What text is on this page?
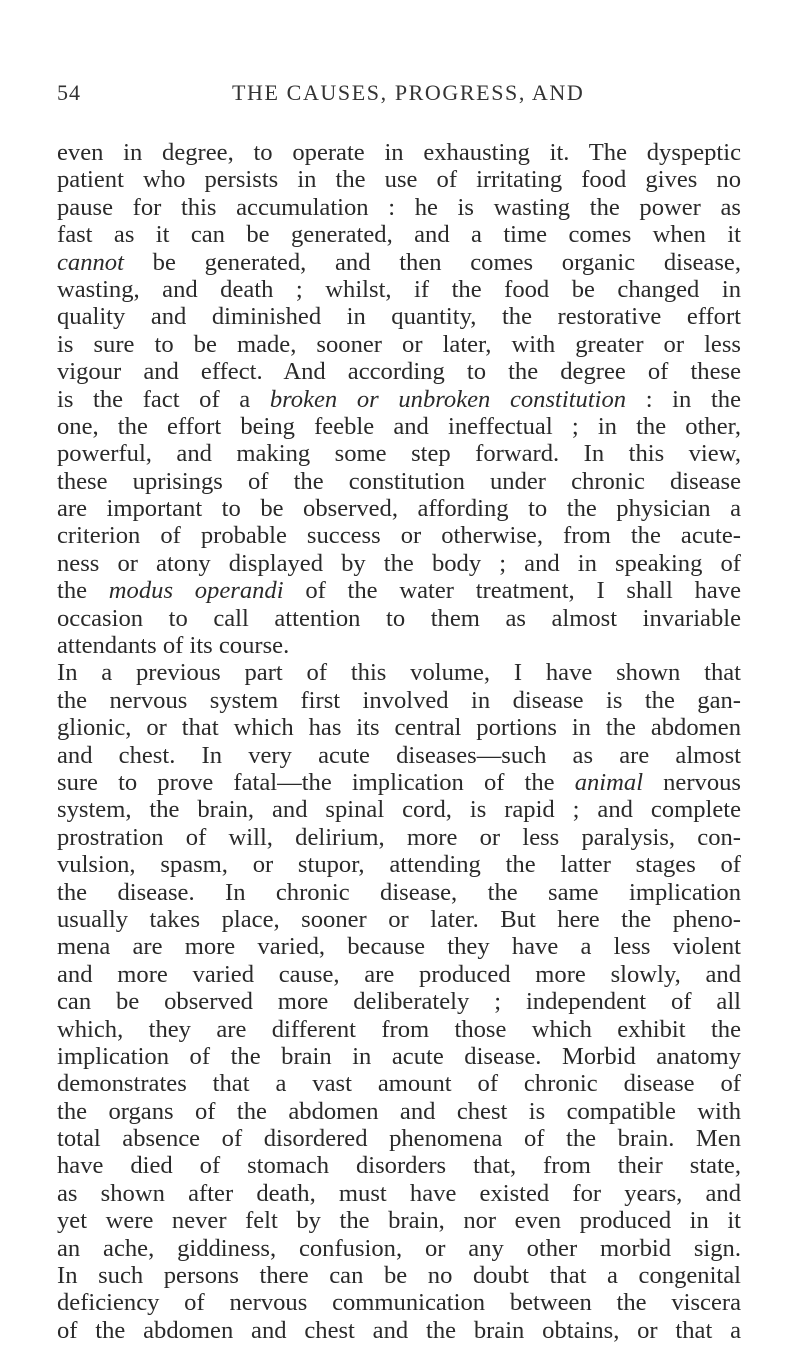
54	THE CAUSES, PROGRESS, AND
even in degree, to operate in exhausting it. The dyspeptic
patient who persists in the use of irritating food gives no
pause for this accumulation : he is wasting the power as
fast as it can be generated, and a time comes when it
cannot be generated, and then comes organic disease,
wasting, and death ; whilst, if the food be changed in
quality and diminished in quantity, the restorative effort
is sure to be made, sooner or later, with greater or less
vigour and effect. And according to the degree of these
is the fact of a broken or unbroken constitution : in the
one, the effort being feeble and ineffectual ; in the other,
powerful, and making some step forward. In this view,
these uprisings of the constitution under chronic disease
are important to be observed, affording to the physician a
criterion of probable success or otherwise, from the acute-
ness or atony displayed by the body ; and in speaking of
the modus operandi of the water treatment, I shall have
occasion to call attention to them as almost invariable
attendants of its course.
In a previous part of this volume, I have shown that
the nervous system first involved in disease is the gan-
glionic, or that which has its central portions in the abdomen
and chest. In very acute diseases—such as are almost
sure to prove fatal—the implication of the animal nervous
system, the brain, and spinal cord, is rapid ; and complete
prostration of will, delirium, more or less paralysis, con-
vulsion, spasm, or stupor, attending the latter stages of
the disease. In chronic disease, the same implication
usually takes place, sooner or later. But here the pheno-
mena are more varied, because they have a less violent
and more varied cause, are produced more slowly, and
can be observed more deliberately ; independent of all
which, they are different from those which exhibit the
implication of the brain in acute disease. Morbid anatomy
demonstrates that a vast amount of chronic disease of
the organs of the abdomen and chest is compatible with
total absence of disordered phenomena of the brain. Men
have died of stomach disorders that, from their state,
as shown after death, must have existed for years, and
yet were never felt by the brain, nor even produced in it
an ache, giddiness, confusion, or any other morbid sign.
In such persons there can be no doubt that a congenital
deficiency of nervous communication between the viscera
of the abdomen and chest and the brain obtains, or that a
